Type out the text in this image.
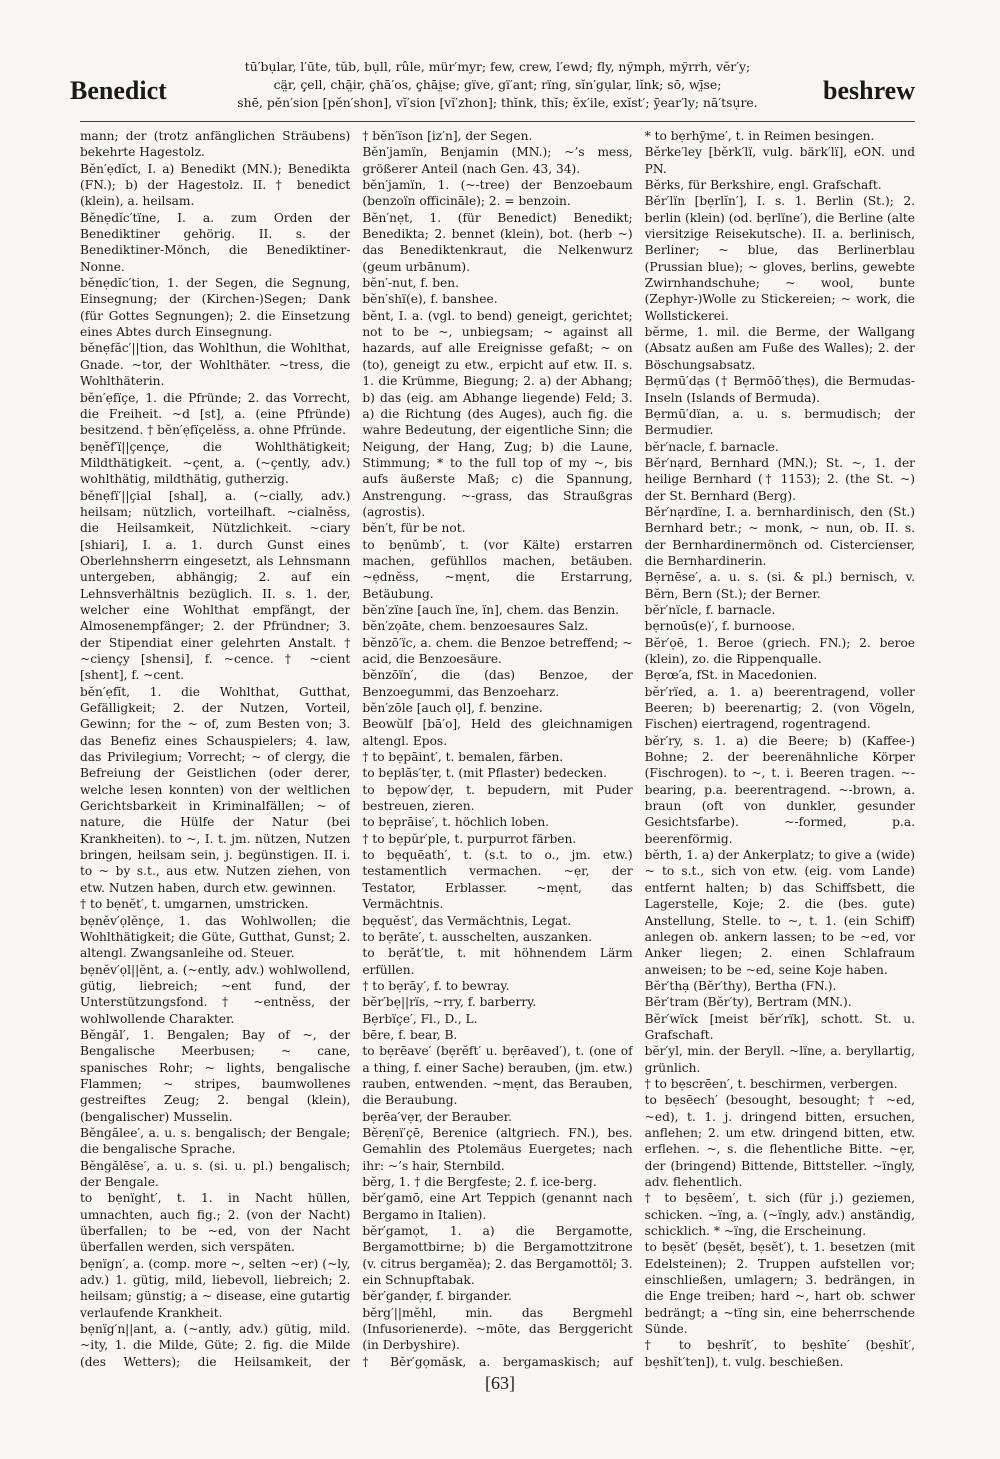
Benedict
tū′bụlar, l′ūte, tŭb, bụll, rûle, mür′myr; few, crew, l′ewd; fly, nўmph, mўrrh, vĕr′y;
cä̤r, ç̧ell, chā̤ir, ç̧hā′os, ç̧hāi̤se; gïve, gï′ant; rïng, sĭn′gụlar, lĭnk; sō, wī̤se;
shē, pĕn′sion [pĕn′shon], vĭ′sion [vĭ′zhon]; thĭnk, thĭs; ĕx′ile, exĭst′; ȳear′ly; nā′tsụre.	beshrew

mann; der (trotz anfänglichen Sträubens) bekehrte Hagestolz.

Bĕn′ẹdĭct, I. a) Benedikt (MN.); Benedikta (FN.); b) der Hagestolz. II. † benedict (klein), a. heilsam.

Bĕnẹdĭc′tïne, I. a. zum Orden der Benediktiner gehörig. II. s. der Benediktiner-Mönch, die Benediktiner-Nonne.

bĕnẹdĭc′tion, 1. der Segen, die Segnung, Einsegnung; der (Kirchen-)Segen; Dank (für Gottes Segnungen); 2. die Einsetzung eines Abtes durch Einsegnung.

bĕnẹfăc′||tion, das Wohlthun, die Wohlthat, Gnade. ~tor, der Wohlthäter. ~tress, die Wohlthäterin.

bĕn′ẹfïçe, 1. die Pfründe; 2. das Vorrecht, die Freiheit. ~d [st], a. (eine Pfründe) besitzend. † bĕn′ẹfïçelĕss, a. ohne Pfründe.

bẹnĕf′ï||çençe, die Wohlthätigkeit; Mildthätigkeit. ~çent, a. (~çently, adv.) wohlthätig, mildthätig, gutherzig.

bĕnẹfï′||çial [shal], a. (~cially, adv.) heilsam; nützlich, vorteilhaft. ~cialnĕss, die Heilsamkeit, Nützlichkeit. ~ciary [shiari], I. a. 1. durch Gunst eines Oberlehnsherrn eingesetzt, als Lehnsmann untergeben, abhängig; 2. auf ein Lehnsverhältnis bezüglich. II. s. 1. der, welcher eine Wohlthat empfängt, der Almosenempfänger; 2. der Pfründner; 3. der Stipendiat einer gelehrten Anstalt. † ~ciençy [shensi], f. ~cence. † ~cient [shent], f. ~cent.

bĕn′ẹfĭt, 1. die Wohlthat, Gutthat, Gefälligkeit; 2. der Nutzen, Vorteil, Gewinn; for the ~ of, zum Besten von; 3. das Benefiz eines Schauspielers; 4. law, das Privilegium; Vorrecht; ~ of clergy, die Befreiung der Geistlichen (oder derer, welche lesen konnten) von der weltlichen Gerichtsbarkeit in Kriminalfällen; ~ of nature, die Hülfe der Natur (bei Krankheiten). to ~, I. t. jm. nützen, Nutzen bringen, heilsam sein, j. begünstigen. II. i. to ~ by s.t., aus etw. Nutzen ziehen, von etw. Nutzen haben, durch etw. gewinnen.

† to bẹnĕt′, t. umgarnen, umstricken.

bẹnĕv′ọlĕnçe, 1. das Wohlwollen; die Wohlthätigkeit; die Güte, Gutthat, Gunst; 2. altengl. Zwangsanleihe od. Steuer.

bẹnĕv′ọl||ĕnt, a. (~ently, adv.) wohlwollend, gütig, liebreich; ~ent fund, der Unterstützungsfond. † ~entnĕss, der wohlwollende Charakter.

Bĕngăl′, 1. Bengalen; Bay of ~, der Bengalische Meerbusen; ~ cane, spanisches Rohr; ~ lights, bengalische Flammen; ~ stripes, baumwollenes gestreiftes Zeug; 2. bengal (klein), (bengalischer) Musselin.

Bĕngălee′, a. u. s. bengalisch; der Bengale; die bengalische Sprache.

Bĕngălēse′, a. u. s. (si. u. pl.) bengalisch; der Bengale.

to bẹnïght′, t. 1. in Nacht hüllen, umnachten, auch fig.; 2. (von der Nacht) überfallen; to be ~ed, von der Nacht überfallen werden, sich verspäten.

bẹnïgn′, a. (comp. more ~, selten ~er) (~ly, adv.) 1. gütig, mild, liebevoll, liebreich; 2. heilsam; günstig; a ~ disease, eine gutartig verlaufende Krankheit.

bẹnïg′n||ant, a. (~antly, adv.) gütig, mild. ~ity, 1. die Milde, Güte; 2. fig. die Milde (des Wetters); die Heilsamkeit, der

† bĕn′ïson [iz′n], der Segen.

Bĕn′jamïn, Benjamin (MN.); ~’s mess, größerer Anteil (nach Gen. 43, 34).

bĕn′jamïn, 1. (~-tree) der Benzoebaum (benzoïn officināle); 2. = benzoin.

Bĕn′nẹt, 1. (für Benedict) Benedikt; Benedikta; 2. bennet (klein), bot. (herb ~) das Benediktenkraut, die Nelkenwurz (geum urbānum).

bĕn′-nut, f. ben.

bĕn′shï(e), f. banshee.

bĕnt, I. a. (vgl. to bend) geneigt, gerichtet; not to be ~, unbiegsam; ~ against all hazards, auf alle Ereignisse gefaßt; ~ on (to), geneigt zu etw., erpicht auf etw. II. s. 1. die Krümme, Biegung; 2. a) der Abhang; b) das (eig. am Abhange liegende) Feld; 3. a) die Richtung (des Auges), auch fig. die wahre Bedeutung, der eigentliche Sinn; die Neigung, der Hang, Zug; b) die Laune, Stimmung; * to the full top of my ~, bis aufs äußerste Maß; c) die Spannung, Anstrengung. ~-grass, das Straußgras (agrostis).

bĕn′t, für be not.

to bẹnŭmb′, t. (vor Kälte) erstarren machen, gefühllos machen, betäuben. ~ẹdnĕss, ~mẹnt, die Erstarrung, Betäubung.

bĕn′zïne [auch ïne, ïn], chem. das Benzin.

bĕn′zọāte, chem. benzoesaures Salz.

bĕnzō′ïc, a. chem. die Benzoe betreffend; ~ acid, die Benzoesäure.

bĕnzōïn′, die (das) Benzoe, der Benzoegummi, das Benzoeharz.

bĕn′zōle [auch ọl], f. benzine.

Beowŭlf [bā′o], Held des gleichnamigen altengl. Epos.

† to bẹpāint′, t. bemalen, färben.

to bẹplăs′tẹr, t. (mit Pflaster) bedecken.

to bẹpow′dẹr, t. bepudern, mit Puder bestreuen, zieren.

to bẹprāise′, t. höchlich loben.

† to bẹpŭr′ple, t. purpurrot färben.

to bẹquēath′, t. (s.t. to o., jm. etw.) testamentlich vermachen. ~ẹr, der Testator, Erblasser. ~mẹnt, das Vermächtnis.

bẹquĕst′, das Vermächtnis, Legat.

to bẹrāte′, t. ausschelten, auszanken.

to bẹrăt′tle, t. mit höhnendem Lärm erfüllen.

† to bẹrāy′, f. to bewray.

bĕr′bẹ||rïs, ~rry, f. barberry.

Bẹrbïçe′, Fl., D., L.

bēre, f. bear, B.

to bẹrēave′ (bẹrĕft′ u. bẹrēaved′), t. (one of a thing, f. einer Sache) berauben, (jm. etw.) rauben, entwenden. ~mẹnt, das Berauben, die Beraubung.

bẹrēa′vẹr, der Berauber.

Bĕrẹnï′çē, Berenice (altgriech. FN.), bes. Gemahlin des Ptolemäus Euergetes; nach ihr: ~’s hair, Sternbild.

bĕrg, 1. † die Bergfeste; 2. f. ice-berg.

bĕr′gamō, eine Art Teppich (genannt nach Bergamo in Italien).

bĕr′gamọt, 1. a) die Bergamotte, Bergamottbirne; b) die Bergamottzitrone (v. citrus bergamĕa); 2. das Bergamottöl; 3. ein Schnupftabak.

bĕr′gandẹr, f. birgander.

bĕrg′||mĕhl, min. das Bergmehl (Infusorienerde). ~mōte, das Berggericht (in Derbyshire).

† Bĕr′gọmăsk, a. bergamaskisch; auf

* to bẹrhȳme′, t. in Reimen besingen.

Bĕrke′ley [bĕrk′lï, vulg. bärk′lï], eON. und PN.

Bĕrks, für Berkshire, engl. Grafschaft.

Bĕr′lïn [bẹrlĭn′], I. s. 1. Berlin (St.); 2. berlin (klein) (od. bẹrlïne′), die Berline (alte viersitzige Reisekutsche). II. a. berlinisch, Berliner; ~ blue, das Berlinerblau (Prussian blue); ~ gloves, berlins, gewebte Zwirnhandschuhe; ~ wool, bunte (Zephyr-)Wolle zu Stickereien; ~ work, die Wollstickerei.

bĕrme, 1. mil. die Berme, der Wallgang (Absatz außen am Fuße des Walles); 2. der Böschungsabsatz.

Bẹrmū′dạs († Bẹrmōō′thẹs), die Bermudas-Inseln (Islands of Bermuda).

Bẹrmū′dïan, a. u. s. bermudisch; der Bermudier.

bĕr′nacle, f. barnacle.

Bĕr′nạrd, Bernhard (MN.); St. ~, 1. der heilige Bernhard († 1153); 2. (the St. ~) der St. Bernhard (Berg).

Bĕr′nạrdïne, I. a. bernhardinisch, den (St.) Bernhard betr.; ~ monk, ~ nun, ob. II. s. der Bernhardinermönch od. Cistercienser, die Bernhardinerin.

Bẹrnēse′, a. u. s. (si. & pl.) bernisch, v. Bĕrn, Bern (St.); der Berner.

bĕr′nïcle, f. barnacle.

bẹrnoūs(e)′, f. burnoose.

Bĕr′ọē, 1. Beroe (griech. FN.); 2. beroe (klein), zo. die Rippenqualle.

Bẹrœ′a, fSt. in Macedonien.

bĕr′rïed, a. 1. a) beerentragend, voller Beeren; b) beerenartig; 2. (von Vögeln, Fischen) eiertragend, rogentragend.

bĕr′ry, s. 1. a) die Beere; b) (Kaffee-) Bohne; 2. der beerenähnliche Körper (Fischrogen). to ~, t. i. Beeren tragen. ~-bearing, p.a. beerentragend. ~-brown, a. braun (oft von dunkler, gesunder Gesichtsfarbe). ~-formed, p.a. beerenförmig.

bĕrth, 1. a) der Ankerplatz; to give a (wide) ~ to s.t., sich von etw. (eig. vom Lande) entfernt halten; b) das Schiffsbett, die Lagerstelle, Koje; 2. die (bes. gute) Anstellung, Stelle. to ~, t. 1. (ein Schiff) anlegen ob. ankern lassen; to be ~ed, vor Anker liegen; 2. einen Schlafraum anweisen; to be ~ed, seine Koje haben.

Bĕr′thạ (Bĕr′thy), Bertha (FN.).

Bĕr′tram (Bĕr′ty), Bertram (MN.).

Bĕr′wïck [meist bĕr′rïk], schott. St. u. Grafschaft.

bĕr′yl, min. der Beryll. ~lïne, a. beryllartig, grünlich.

† to bẹscrēen′, t. beschirmen, verbergen.

to bẹsēech′ (besought, besought; † ~ed, ~ed), t. 1. j. dringend bitten, ersuchen, anflehen; 2. um etw. dringend bitten, etw. erflehen. ~, s. die flehentliche Bitte. ~ẹr, der (bringend) Bittende, Bittsteller. ~ïngly, adv. flehentlich.

† to bẹsēem′, t. sich (für j.) geziemen, schicken. ~ïng, a. (~ïngly, adv.) anständig, schicklich. * ~ïng, die Erscheinung.

to bẹsĕt′ (bẹsĕt, bẹsĕt′), t. 1. besetzen (mit Edelsteinen); 2. Truppen aufstellen vor; einschließen, umlagern; 3. bedrängen, in die Enge treiben; hard ~, hart ob. schwer bedrängt; a ~tïng sin, eine beherrschende Sünde.

† to bẹshrĭt′, to bẹshīte′ (bẹshĭt′, bẹshĭt′ten]), t. vulg. beschießen.

[63]
